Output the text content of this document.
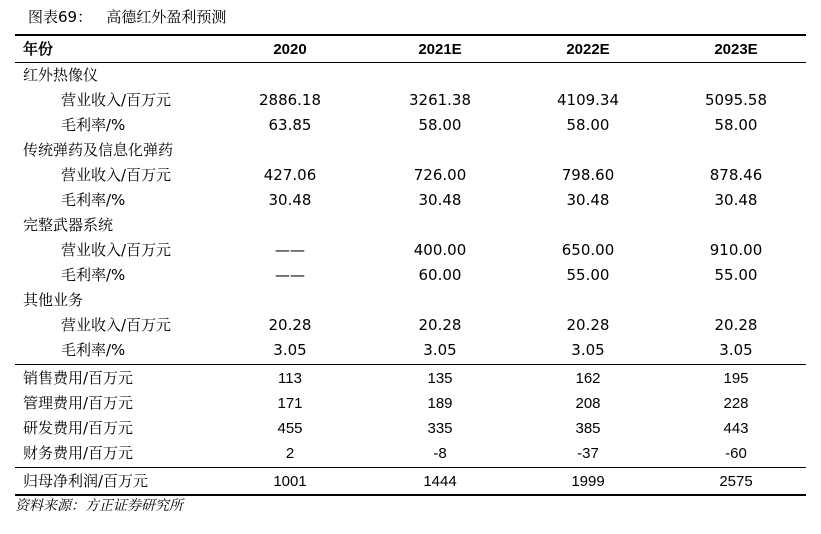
图表69：   高德红外盈利预测
年份	2020	2021E	2022E	2023E
红外热像仪
营业收入/百万元	2886.18	3261.38	4109.34	5095.58
毛利率/%	63.85	58.00	58.00	58.00
传统弹药及信息化弹药
营业收入/百万元	427.06	726.00	798.60	878.46
毛利率/%	30.48	30.48	30.48	30.48
完整武器系统
营业收入/百万元	——	400.00	650.00	910.00
毛利率/%	——	60.00	55.00	55.00
其他业务
营业收入/百万元	20.28	20.28	20.28	20.28
毛利率/%	3.05	3.05	3.05	3.05
销售费用/百万元	113	135	162	195
管理费用/百万元	171	189	208	228
研发费用/百万元	455	335	385	443
财务费用/百万元	2	-8	-37	-60
归母净利润/百万元	1001	1444	1999	2575
资料来源：方正证券研究所
